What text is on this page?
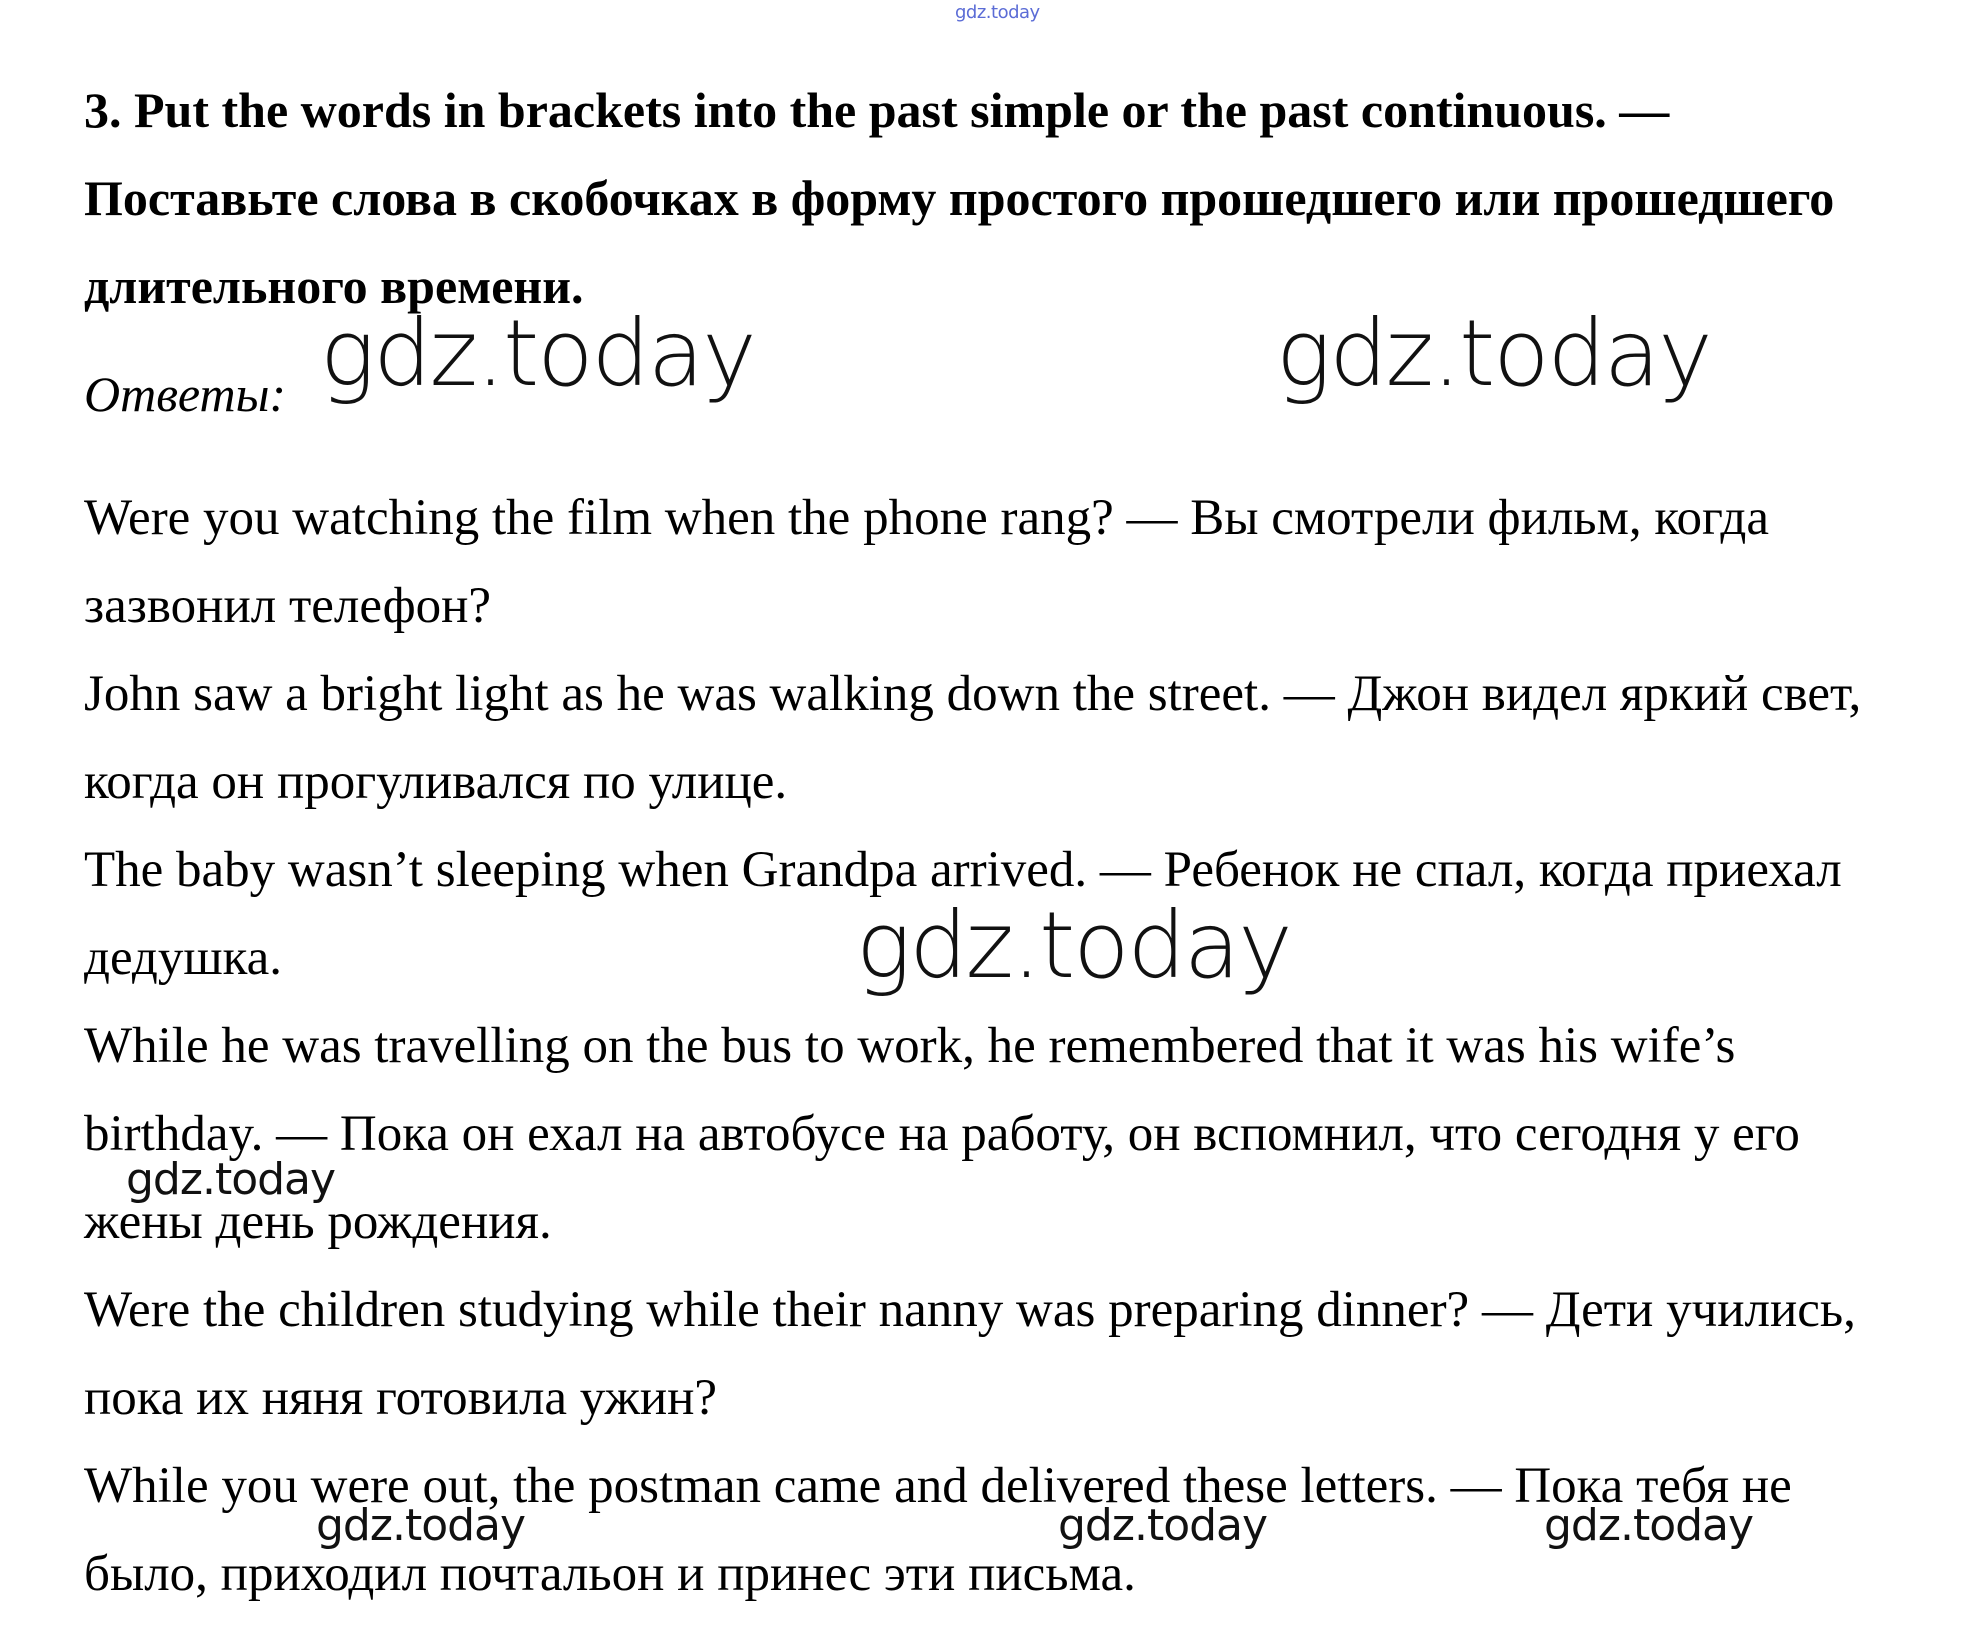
gdz.today
3. Put the words in brackets into the past simple or the past continuous. — Поставьте слова в скобочках в форму простого прошедшего или прошедшего длительного времени.

Ответы:

Were you watching the film when the phone rang? — Вы смотрели фильм, когда зазвонил телефон?
John saw a bright light as he was walking down the street. — Джон видел яркий свет, когда он прогуливался по улице.
The baby wasn’t sleeping when Grandpa arrived. — Ребенок не спал, когда приехал дедушка.
While he was travelling on the bus to work, he remembered that it was his wife’s birthday. — Пока он ехал на автобусе на работу, он вспомнил, что сегодня у его жены день рождения.
Were the children studying while their nanny was preparing dinner? — Дети учились, пока их няня готовила ужин?
While you were out, the postman came and delivered these letters. — Пока тебя не было, приходил почтальон и принес эти письма.
gdz.today	gdz.today
gdz.today
gdz.today
gdz.today	gdz.today	gdz.today
